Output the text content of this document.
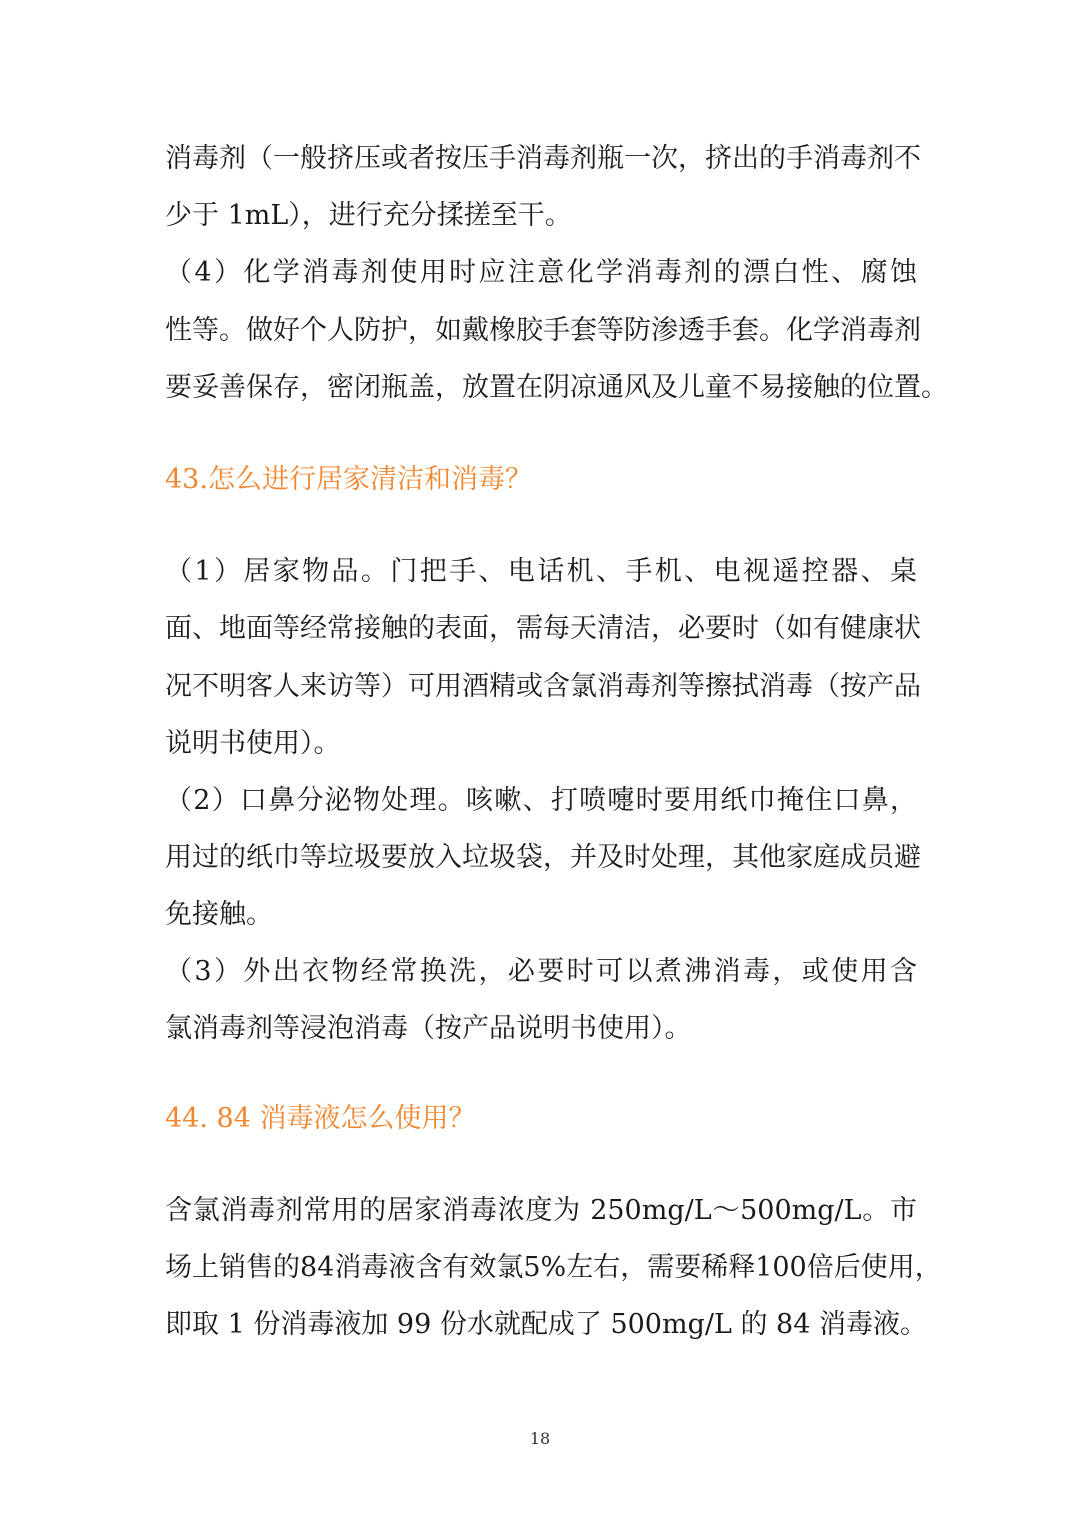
消毒剂（一般挤压或者按压手消毒剂瓶一次，挤出的手消毒剂不
少于 1mL），进行充分揉搓至干。
（4）化学消毒剂使用时应注意化学消毒剂的漂白性、腐蚀
性等。做好个人防护，如戴橡胶手套等防渗透手套。化学消毒剂
要妥善保存，密闭瓶盖，放置在阴凉通风及儿童不易接触的位置。
43.怎么进行居家清洁和消毒？
（1）居家物品。门把手、电话机、手机、电视遥控器、桌
面、地面等经常接触的表面，需每天清洁，必要时（如有健康状
况不明客人来访等）可用酒精或含氯消毒剂等擦拭消毒（按产品
说明书使用）。
（2）口鼻分泌物处理。咳嗽、打喷嚏时要用纸巾掩住口鼻，
用过的纸巾等垃圾要放入垃圾袋，并及时处理，其他家庭成员避
免接触。
（3）外出衣物经常换洗，必要时可以煮沸消毒，或使用含
氯消毒剂等浸泡消毒（按产品说明书使用）。
44. 84 消毒液怎么使用？
含氯消毒剂常用的居家消毒浓度为 250mg/L～500mg/L。市
场上销售的84消毒液含有效氯5%左右，需要稀释100倍后使用，
即取 1 份消毒液加 99 份水就配成了 500mg/L 的 84 消毒液。
18
